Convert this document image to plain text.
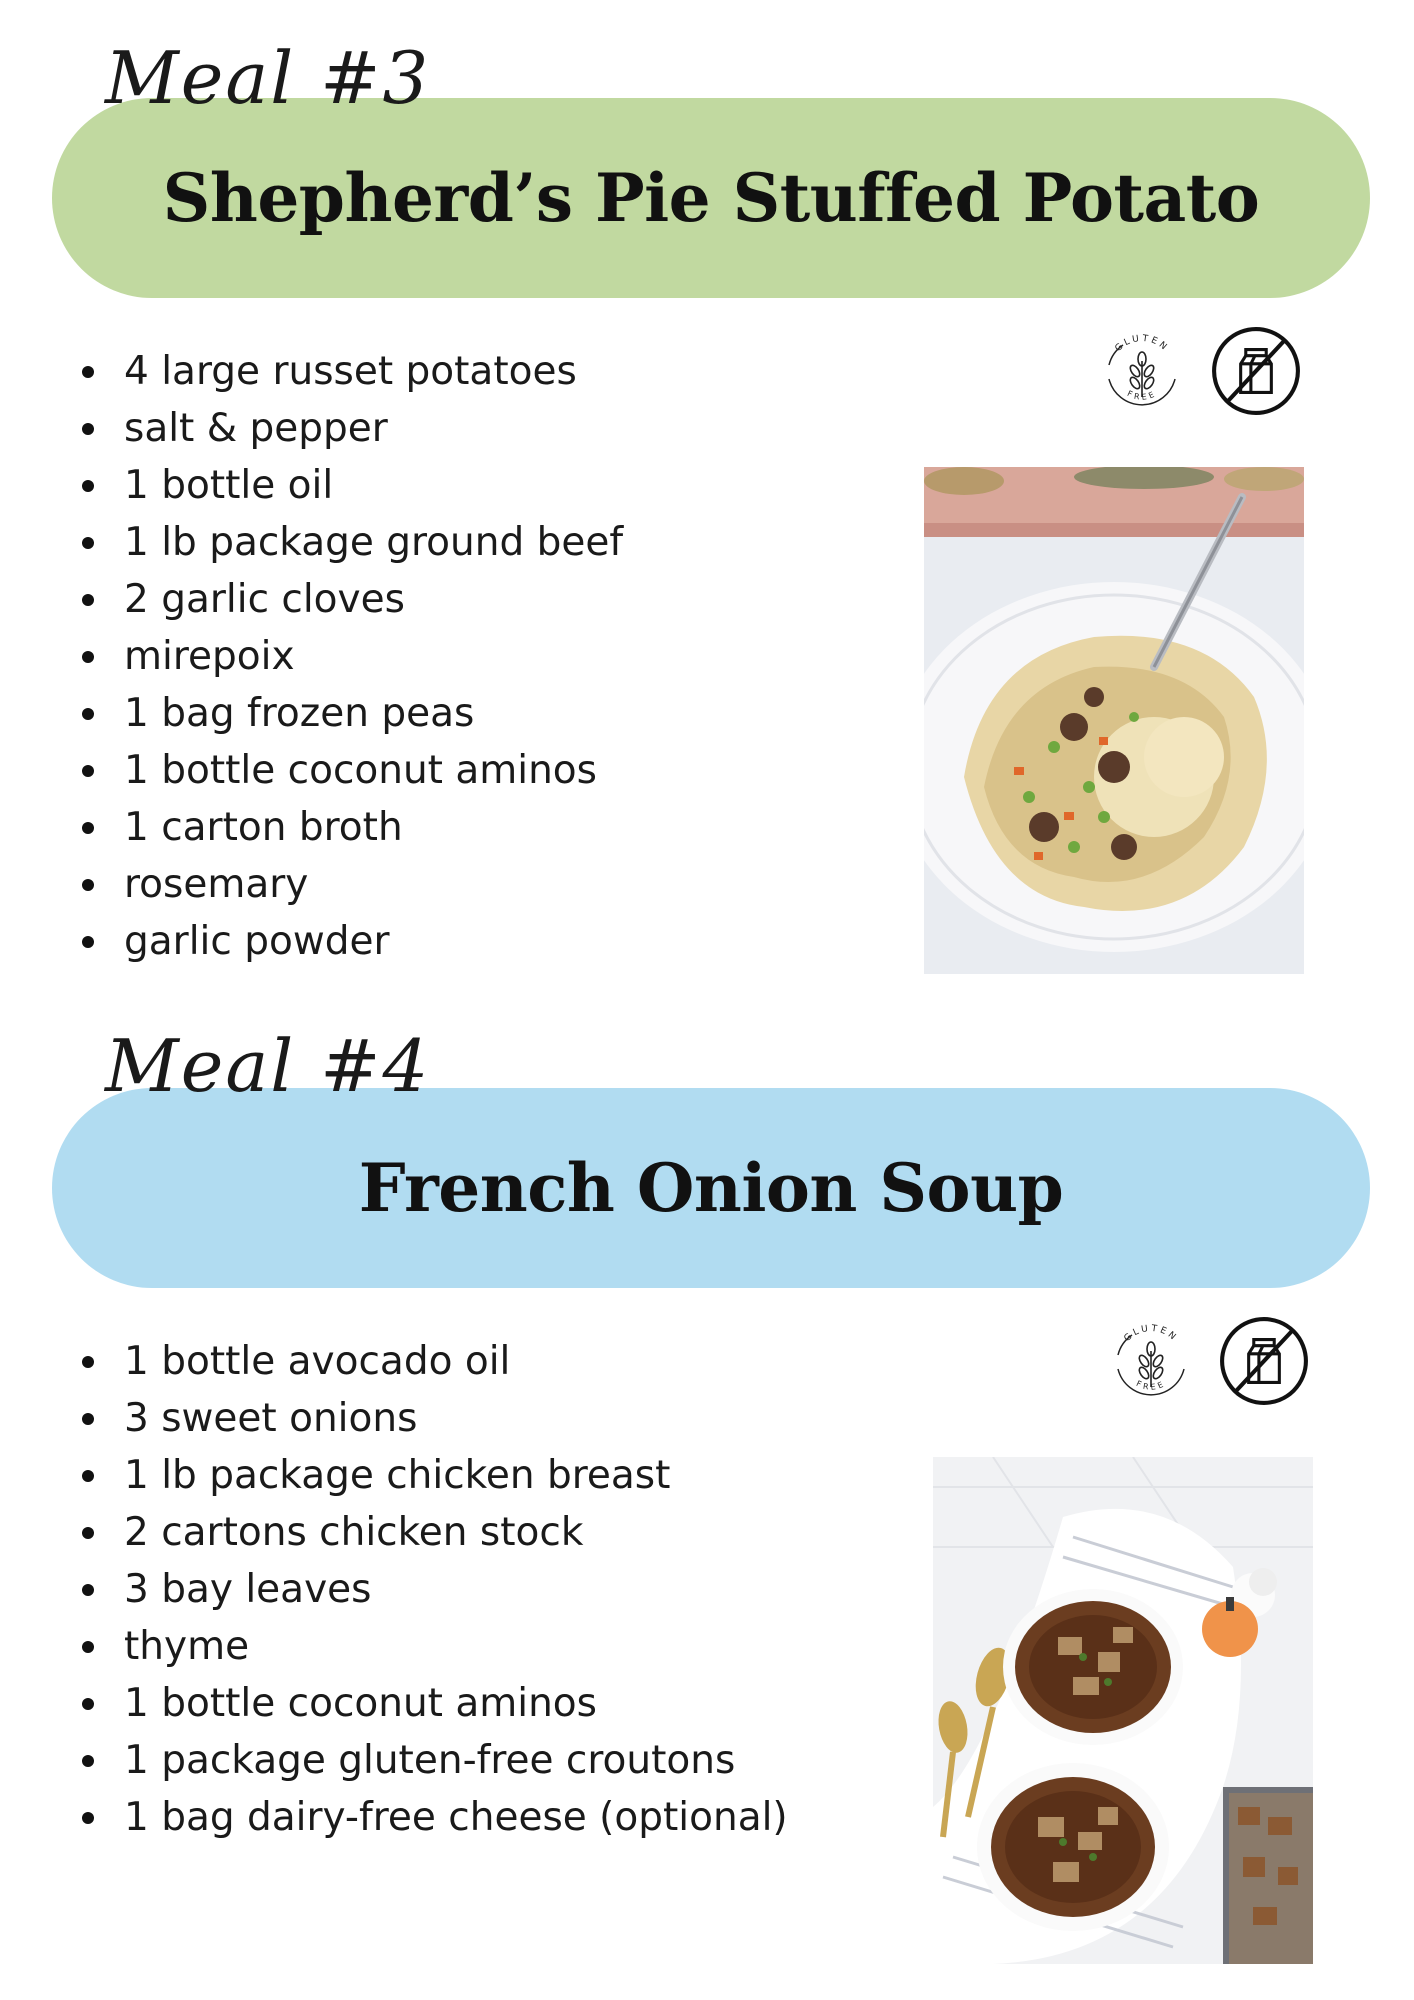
Shepherd’s Pie Stuffed Potato
Meal #3
4 large russet potatoes
salt & pepper
1 bottle oil
1 lb package ground beef
2 garlic cloves
mirepoix
1 bag frozen peas
1 bottle coconut aminos
1 carton broth
rosemary
garlic powder
GLUTEN
FREE
French Onion Soup
Meal #4
1 bottle avocado oil
3 sweet onions
1 lb package chicken breast
2 cartons chicken stock
3 bay leaves
thyme
1 bottle coconut aminos
1 package gluten-free croutons
1 bag dairy-free cheese (optional)
GLUTEN
FREE
